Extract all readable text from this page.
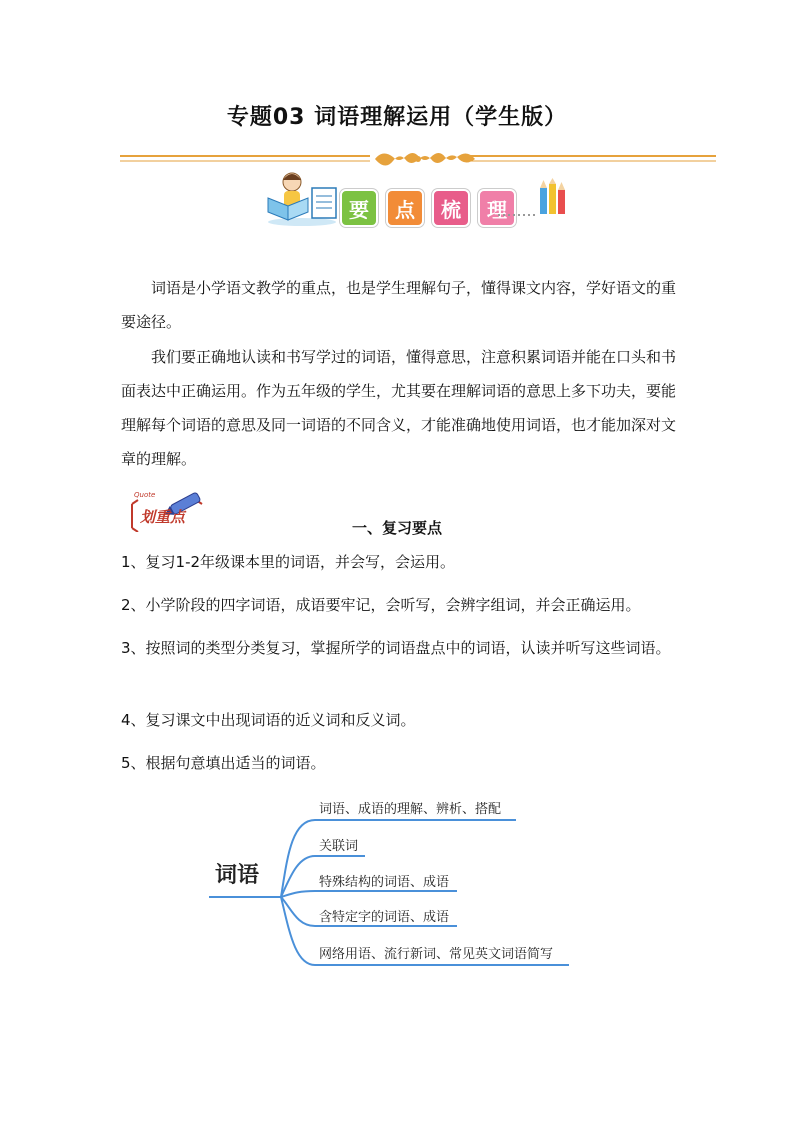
专题03 词语理解运用（学生版）
要	点	梳	理

词语是小学语文教学的重点，也是学生理解句子，懂得课文内容，学好语文的重要途径。

我们要正确地认读和书写学过的词语，懂得意思，注意积累词语并能在口头和书面表达中正确运用。作为五年级的学生，尤其要在理解词语的意思上多下功夫，要能理解每个词语的意思及同一词语的不同含义，才能准确地使用词语，也才能加深对文章的理解。

Quote
划重点
一、复习要点

1、复习1-2年级课本里的词语，并会写，会运用。

2、小学阶段的四字词语，成语要牢记，会听写，会辨字组词，并会正确运用。

3、按照词的类型分类复习，掌握所学的词语盘点中的词语，认读并听写这些词语。

4、复习课文中出现词语的近义词和反义词。

5、根据句意填出适当的词语。

词语
词语、成语的理解、辨析、搭配
关联词
特殊结构的词语、成语
含特定字的词语、成语
网络用语、流行新词、常见英文词语简写
